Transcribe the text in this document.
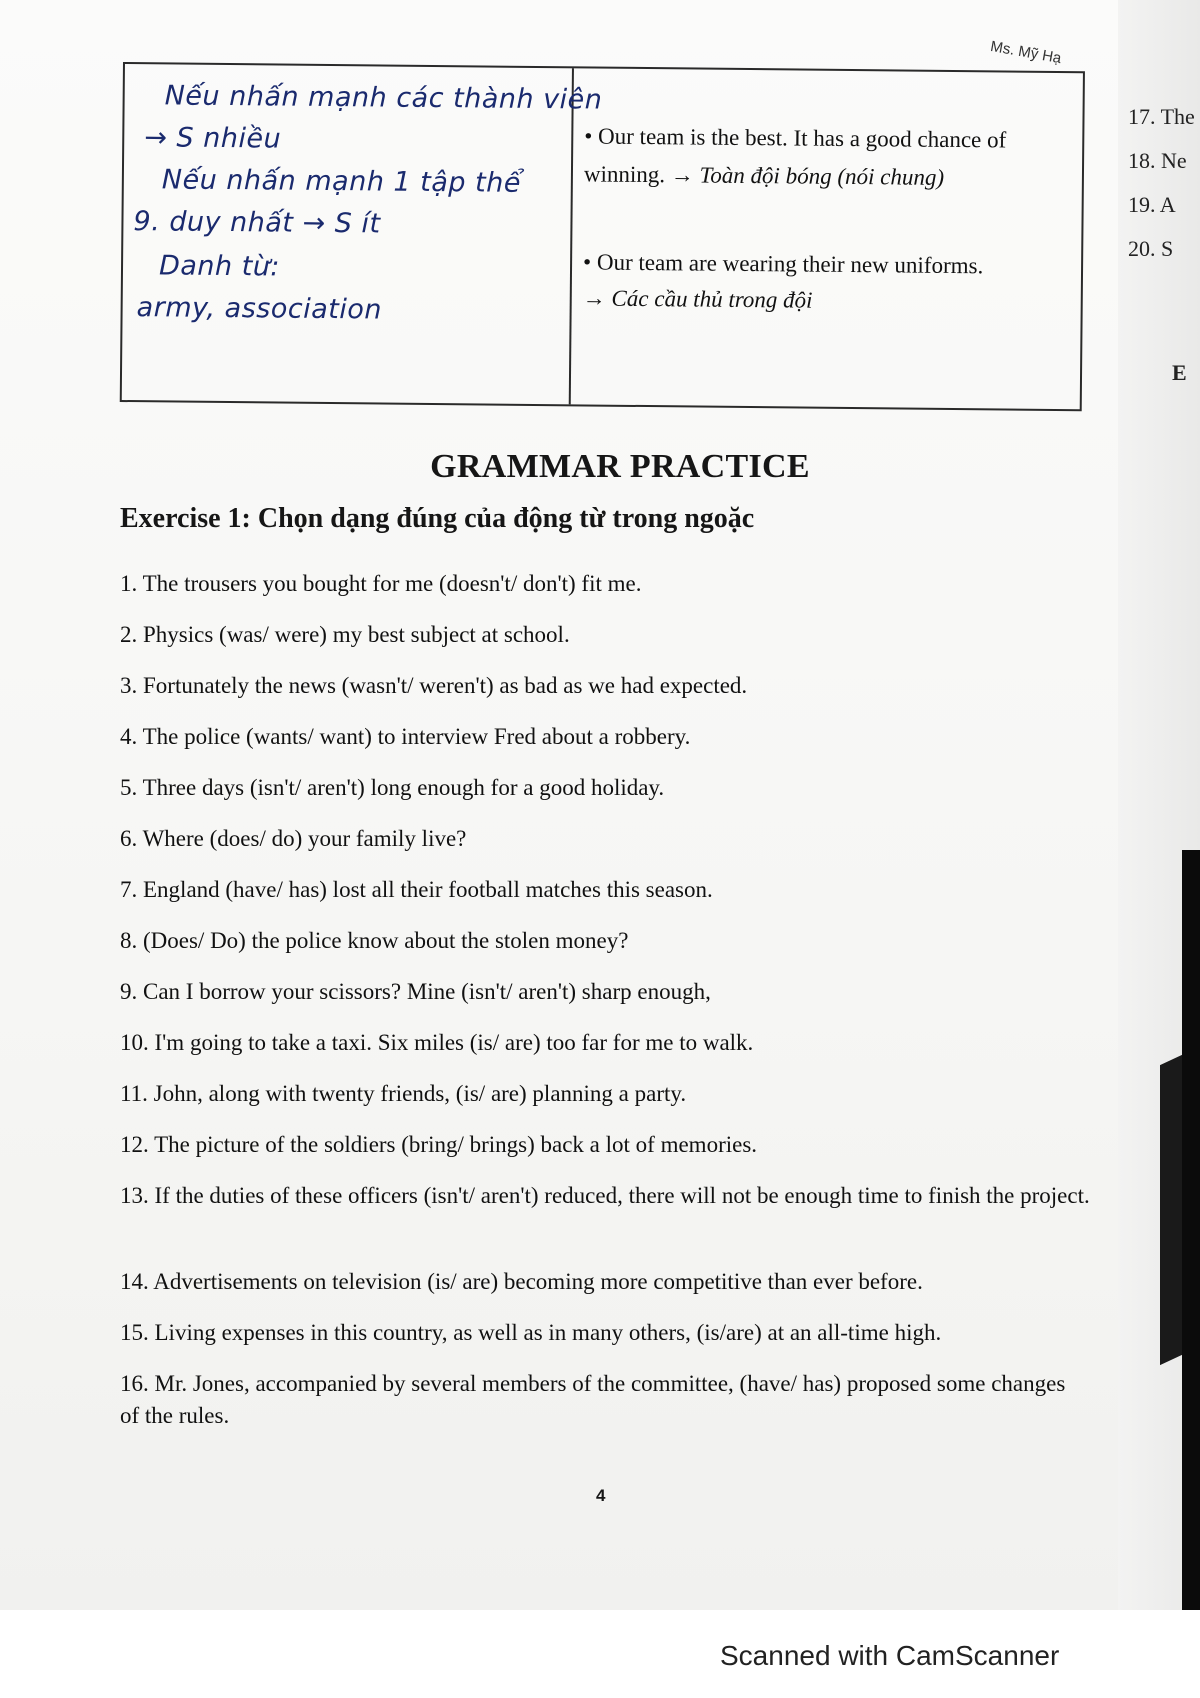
Ms. Mỹ Hạ
17. The
18. Ne
19. A
20. S
E
Nếu nhấn mạnh các thành viên
→ S nhiều
Nếu nhấn mạnh 1 tập thể
9. duy nhất → S ít
Danh từ:
army, association
• Our team is the best. It has a good chance of
winning. → Toàn đội bóng (nói chung)
• Our team are wearing their new uniforms.
→ Các cầu thủ trong đội
GRAMMAR PRACTICE
Exercise 1: Chọn dạng đúng của động từ trong ngoặc
1. The trousers you bought for me (doesn't/ don't) fit me.
2. Physics (was/ were) my best subject at school.
3. Fortunately the news (wasn't/ weren't) as bad as we had expected.
4. The police (wants/ want) to interview Fred about a robbery.
5. Three days (isn't/ aren't) long enough for a good holiday.
6. Where (does/ do) your family live?
7. England (have/ has) lost all their football matches this season.
8. (Does/ Do) the police know about the stolen money?
9. Can I borrow your scissors? Mine (isn't/ aren't) sharp enough,
10. I'm going to take a taxi. Six miles (is/ are) too far for me to walk.
11. John, along with twenty friends, (is/ are) planning a party.
12. The picture of the soldiers (bring/ brings) back a lot of memories.
13. If the duties of these officers (isn't/ aren't) reduced, there will not be enough time to finish the project.
14. Advertisements on television (is/ are) becoming more competitive than ever before.
15. Living expenses in this country, as well as in many others, (is/are) at an all-time high.
16. Mr. Jones, accompanied by several members of the committee, (have/ has) proposed some changes of the rules.
4
Scanned with CamScanner
